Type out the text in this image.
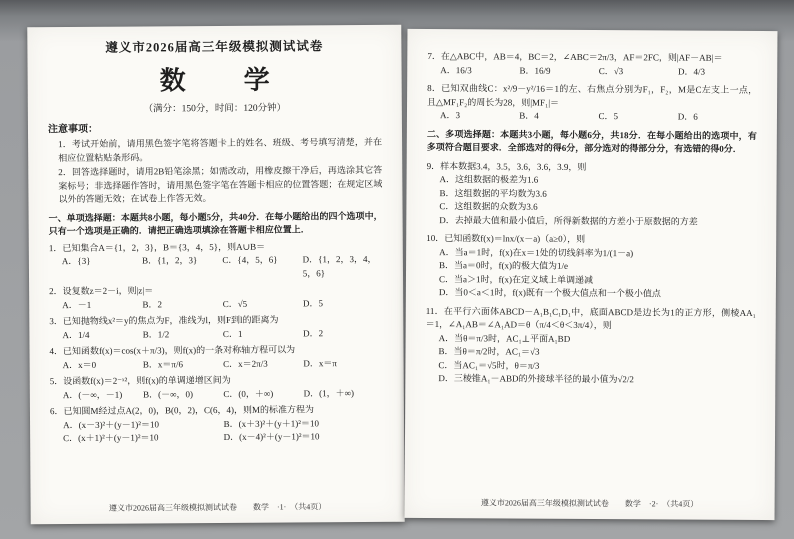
遵义市2026届高三年级模拟测试试卷
数　学
（满分：150分，时间：120分钟）
注意事项：
1．考试开始前，请用黑色签字笔将答题卡上的姓名、班级、考号填写清楚，并在相应位置粘贴条形码。
2．回答选择题时，请用2B铅笔涂黑；如需改动，用橡皮擦干净后，再选涂其它答案标号；非选择题作答时，请用黑色签字笔在答题卡相应的位置答题；在规定区域以外的答题无效；在试卷上作答无效。
一、单项选择题：本题共8小题，每小题5分，共40分．在每小题给出的四个选项中，只有一个选项是正确的．请把正确选项填涂在答题卡相应位置上．
1．已知集合A＝{1，2，3}，B＝{3，4，5}，则A∪B＝
A．{3}	B．{1，2，3}	C．{4，5，6}	D．{1，2，3，4，5，6}
2．设复数z＝2－i，则|z|＝
A．－1	B．2	C．√5	D．5
3．已知抛物线x²＝y的焦点为F，准线为l，则F到l的距离为
A．1/4	B．1/2	C．1	D．2
4．已知函数f(x)＝cos(x＋π/3)，则f(x)的一条对称轴方程可以为
A．x＝0	B．x＝π/6	C．x＝2π/3	D．x＝π
5．设函数f(x)＝2⁻ˣ²，则f(x)的单调递增区间为
A．(－∞，－1)	B．(－∞，0)	C．(0，＋∞)	D．(1，＋∞)
6．已知圆M经过点A(2，0)，B(0，2)，C(6，4)，则M的标准方程为
A．(x－3)²＋(y－1)²＝10	B．(x＋3)²＋(y＋1)²＝10
C．(x＋1)²＋(y－1)²＝10	D．(x－4)²＋(y－1)²＝10
遵义市2026届高三年级模拟测试试卷　　数学　·1·　（共4页）
7．在△ABC中，AB＝4，BC＝2，∠ABC＝2π/3，AF＝2FC，则|AF－AB|＝
A．16/3	B．16/9	C．√3	D．4/3
8．已知双曲线C：x²/9－y²/16＝1的左、右焦点分别为F₁，F₂，M是C左支上一点，且△MF₁F₂的周长为28，则|MF₁|＝
A．3	B．4	C．5	D．6
二、多项选择题：本题共3小题，每小题6分，共18分．在每小题给出的选项中，有多项符合题目要求．全部选对的得6分，部分选对的得部分分，有选错的得0分．
9．样本数据3.4，3.5，3.6，3.6，3.9，则
A．这组数据的极差为1.6
B．这组数据的平均数为3.6
C．这组数据的众数为3.6
D．去掉最大值和最小值后，所得新数据的方差小于原数据的方差
10．已知函数f(x)＝lnx/(x－a)（a≥0），则
A．当a＝1时，f(x)在x＝1处的切线斜率为1/(1－a)
B．当a＝0时，f(x)的极大值为1/e
C．当a＞1时，f(x)在定义域上单调递减
D．当0＜a＜1时，f(x)既有一个极大值点和一个极小值点
11．在平行六面体ABCD－A₁B₁C₁D₁中，底面ABCD是边长为1的正方形，侧棱AA₁＝1，∠A₁AB＝∠A₁AD＝θ（π/4＜θ＜3π/4），则
A．当θ＝π/3时，AC₁⊥平面A₁BD
B．当θ＝π/2时，AC₁＝√3
C．当AC₁＝√5时，θ＝π/3
D．三棱锥A₁－ABD的外接球半径的最小值为√2/2
遵义市2026届高三年级模拟测试试卷　　数学　·2·　（共4页）
